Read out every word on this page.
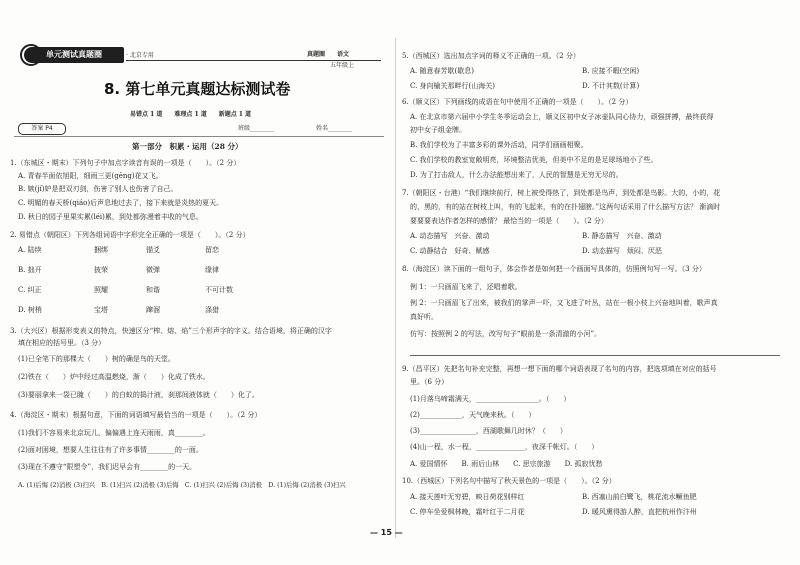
单元测试真题圈	· 北京专用	真题圈 语文
五年级上
8. 第七单元真题达标测试卷
易错点 1 道　　难理点 1 道　　新题点 1 道
答案 P4	班级________	姓名________
第一部分　积累・运用（28 分）
1.（东城区・期末）下列句子中加点字读音有误的一项是（　　）。（2 分）
A. 青春半面依旭阳，细雨三更(gēng)花又飞。
B. 嫉(jí)妒是把双刃剑，伤害了别人也伤害了自己。
C. 明媚的春天桥(qiáo)后声息地过去了，接下来就是炎热的夏天。
D. 秋日的园子里果实累(léi)累，到处都弥漫着丰收的气息。
2. 易错点（朝阳区）下列各组词语中字形完全正确的一项是（　　）。（2 分）
A. 陆续	捆绑	锚爻	留恋
B. 拙开	披荣	微弹	缘律
C. 纠正	照耀	和谐	不可计数
D. 树梢	宝塔	蹿溜	涤猎
3.（大兴区）根据形变表义的特点，快速区分“榨、熔、焰”三个形声字的字义。结合语境，将正确的汉字
填在相应的括号里。（3 分）
(1)已全笔下的那棵大（　　）树的确是鸟的天堂。
(2)铁在（　　）炉中经过高温燃烧，渐（　　）化成了铁水。
(3)要丽拿来一袋已腌（　　）的白蚁的捣汁液，刹那间液体就（　　）化了。
4.（海淀区・期末）根据句意，下面的词语填写最恰当的一项是（　　）。（2 分）
(1)我们不容易来北京玩儿，偏偏遇上连天雨雨，真________。
(2)面对困境，想要人生往往有了许多事情________的一面。
(3)现在不遵守“限塑令”，我们迟早会有________的一天。
A. (1)后悔 (2)消极 (3)扫兴　B. (1)扫兴 (2)消极 (3)后悔　C. (1)扫兴 (2)后悔 (3)消极　D. (1)后悔 (2)消极 (3)扫兴
5.（西城区）选出加点字词的释义不正确的一项。（2 分）
A. 随意春芳歇(歇息)	B. 应接不暇(空闲)
C. 身向榆关那畔行(山海关)	D. 不计其数(计算)
6.（顺义区）下列画线的成语在句中使用不正确的一项是（　　）。（2 分）
A. 在北京市第六届中小学生冬季运动会上，顺义区初中女子冰壶队同心协力，顽强拼搏，最终获得
初中女子组金牌。
B. 我们学校为了丰富多彩的课外活动，同学们画画相聚。
C. 我们学校的教室宽敞明亮，环境整洁优美，但美中不足的是足球场地小了些。
D. 为了打击敌人，什么办法能想出来了，人民的智慧是无穷无尽的。
7.（朝阳区・台港）“我们继续前行，树上被受得热了，到处都是鸟声，到处都是鸟影。大的，小的，花
的，黑的，有的站在树枝上叫，有的飞起来，有的在扑翅膀。”这两句话采用了什么描写方法？ 渐滴时
要要要表达作者怎样的感情？ 最恰当的一项是（　　）。（2 分）
A. 动态描写　兴奋、激动	B. 静态描写　兴奋、激动
C. 动静结合　好奇、赋感	D. 动态描写　烦闷、厌恶
8.（海淀区）读下面的一组句子，体会作者是如何把一个画面写具体的，仿照例句写一写。（3 分）
例 1：一只画眉飞来了，还唱着歌。
例 2：一只画眉飞了出来，被我们的掌声一吓，又飞进了叶丛，站在一根小枝上兴奋地叫着，歌声真
真好听。
仿写：按照例 2 的写法，改写句子“眼前是一条清澈的小河”。
9.（昌平区）先把名句补充完整，再想一想下面的哪个词语表现了名句的内容，把选项填在对应的括号
里。（6 分）
(1)月落乌啼霜满天，__________________。（　　）
(2)____________，天气晚来秋。（　　）
(3)________________，西湖歌舞几时休？（　　）
(4)山一程，水一程，______________，夜深千帐灯。（　　）
A. 爱国情怀　　B. 雨后山林　　C. 思宗旅游　　D. 孤寂忧愁
10.（西城区）下列名句中描写了秋天景色的一项是（　　）。（2 分）
A. 接天莲叶无穷碧，映日荷花别样红	B. 西塞山前白鹭飞，桃花流水鳜鱼肥
C. 停车坐爱枫林晚，霜叶红于二月花	D. 暖风熏得游人醉，直把杭州作汴州
— 15 —
